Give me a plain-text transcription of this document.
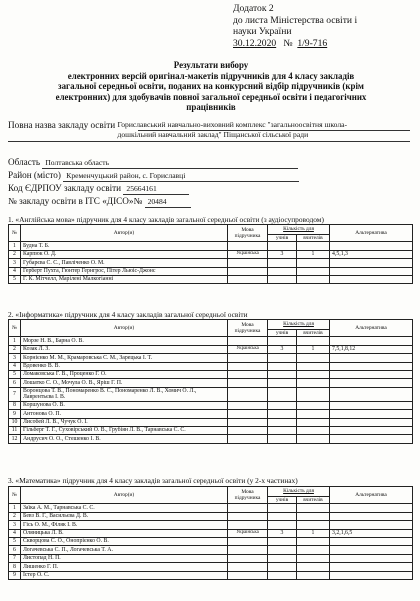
Додаток 2
до листа Міністерства освіти і
науки України
30.12.2020 № 1/9-716
Результати вибору
електронних версій оригінал-макетів підручників для 4 класу закладів
загальної середньої освіти, поданих на конкурсний відбір підручників (крім
електронних) для здобувачів повної загальної середньої освіти і педагогічних
працівників
Повна назва закладу освіти Гориславський навчально-виховний комплекс "загальноосвітня школа-дошкільний навчальний заклад" Піщанської сільської ради
Область Полтавська область
Район (місто) Кременчуцький район, с. Гориславці
Код ЄДРПОУ закладу освіти 25664161
№ закладу освіти в ІТС «ДІСО»№ 20484
1. «Англійська мова» підручник для 4 класу закладів загальної середньої освіти (з аудіосупроводом)
№	Автор(и)	Мова
підручника	Кількість для		Альтернатива
			учнів	вчителів	
1	Будна Т. Б.				
2	Карпюк О. Д.	Українська	3	1	4,5,1,3
3	Губарєва С. С., Павліченко О. М.				
4	Герберт Пухта, Гюнтер Гернгрос, Пітер Льюіс-Джонс				
5	Г. К. Мітчелл, Марілені Малкогіанні				
2. «Інформатика» підручник для 4 класу закладів загальної середньої освіти
№	Автор(и)	Мова
підручника	Кількість для		Альтернатива
			учнів	вчителів	
1	Морзе Н. В., Барна О. В.				
2	Козак Л. З.	Українська	3	1	7,5,1,8,12
3	Корнієнко М. М., Крамаровська С. М., Зарецька І. Т.				
4	Вдовенко В. В.				
5	Ломаковська Г. В., Проценко Г. О.				
6	Лошатко С. О., Мочула О. В., Яріш Г. П.				
7	Воронцова Т. В., Пономаренко В. С., Пономаренко Л. В., Хомич О. Л., Лаврентьєва І. В.				
8	Коршунова О. В.				
9	Антонова О. П.				
10	Лисобей Л. В., Чучук О. І.				
11	Гільберг Т. Г., Суховірський О. В., Грубіян Л. В., Тарнавська С. С.				
12	Андрусич О. О., Стешенко І. В.				
3. «Математика» підручник для 4 класу закладів загальної середньої освіти (у 2-х частинах)
№	Автор(и)	Мова
підручника	Кількість для		Альтернатива
			учнів	вчителів	
1	Заїка А. М., Тарнавська С. С.				
2	Бевз В. Г., Васильєва Д. В.				
3	Гісь О. М., Філяк І. В.				
4	Оляницька Л. В.	Українська	3	1	3,2,1,6,5
5	Скворцова С. О., Онопрієнко О. В.				
6	Логачевська С. П., Логачевська Т. А.				
7	Листопад Н. П.				
8	Лишенко Г. П.				
9	Істер О. С.				
